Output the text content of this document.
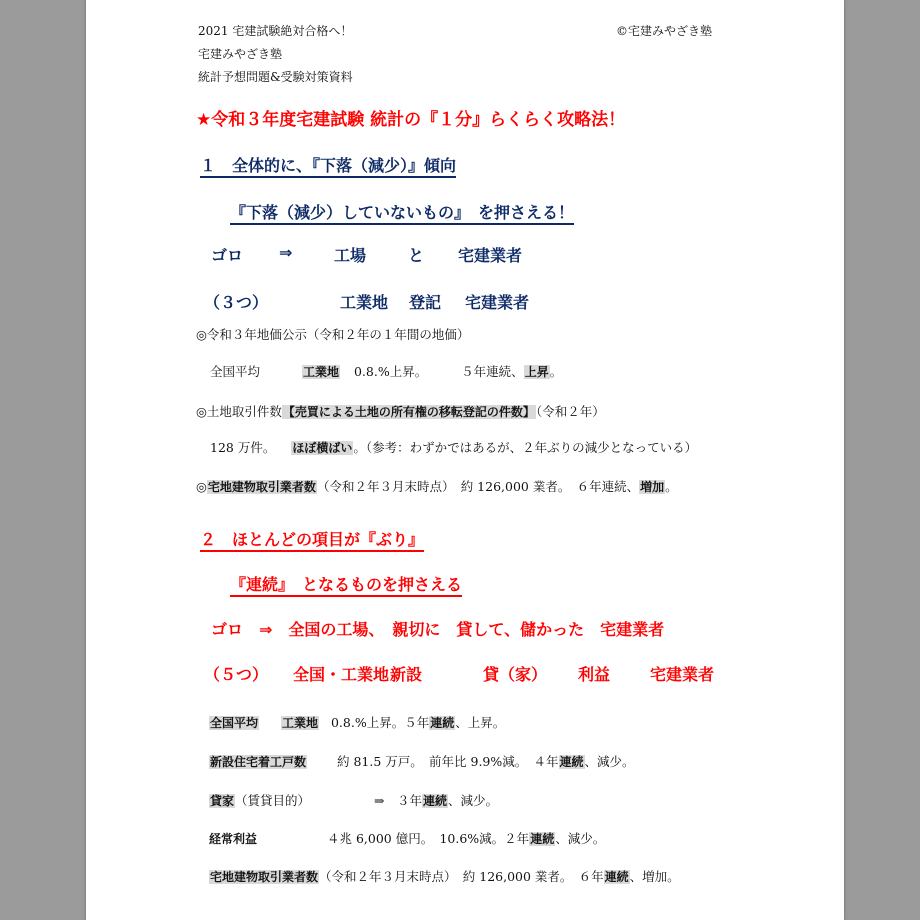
2021 宅建試験絶対合格へ！	©宅建みやざき塾
宅建みやざき塾
統計予想問題&受験対策資料
★令和３年度宅建試験 統計の『１分』らくらく攻略法！
１　全体的に、『下落（減少）』傾向
『下落（減少）していないもの』　を押さえる！
ゴロ ⇒	工場	と 宅建業者
（３つ）	工業地 登記 宅建業者
◎令和３年地価公示（令和２年の１年間の地価）
全国平均	工業地 0.8.%上昇。	５年連続、上昇。
◎土地取引件数【売買による土地の所有権の移転登記の件数】（令和２年）
128 万件。 ほぼ横ばい。（参考：わずかではあるが、２年ぶりの減少となっている）
◎宅地建物取引業者数（令和２年３月末時点）　約 126,000 業者。　６年連続、増加。
２　ほとんどの項目が『ぶり』
『連続』　となるものを押さえる
ゴロ　⇒　全国の工場、　親切に　貸して、儲かった　宅建業者
（５つ） 全国・工業地 新設	貸（家） 利益 宅建業者
全国平均 工業地 0.8.%上昇。５年連続、上昇。
新設住宅着工戸数 約 81.5 万戸。　前年比 9.9%減。　４年連続、減少。
貸家（賃貸目的）	⇒　３年連続、減少。
経常利益	４兆 6,000 億円。　10.6%減。２年連続、減少。
宅地建物取引業者数（令和２年３月末時点）　約 126,000 業者。　６年連続、増加。
